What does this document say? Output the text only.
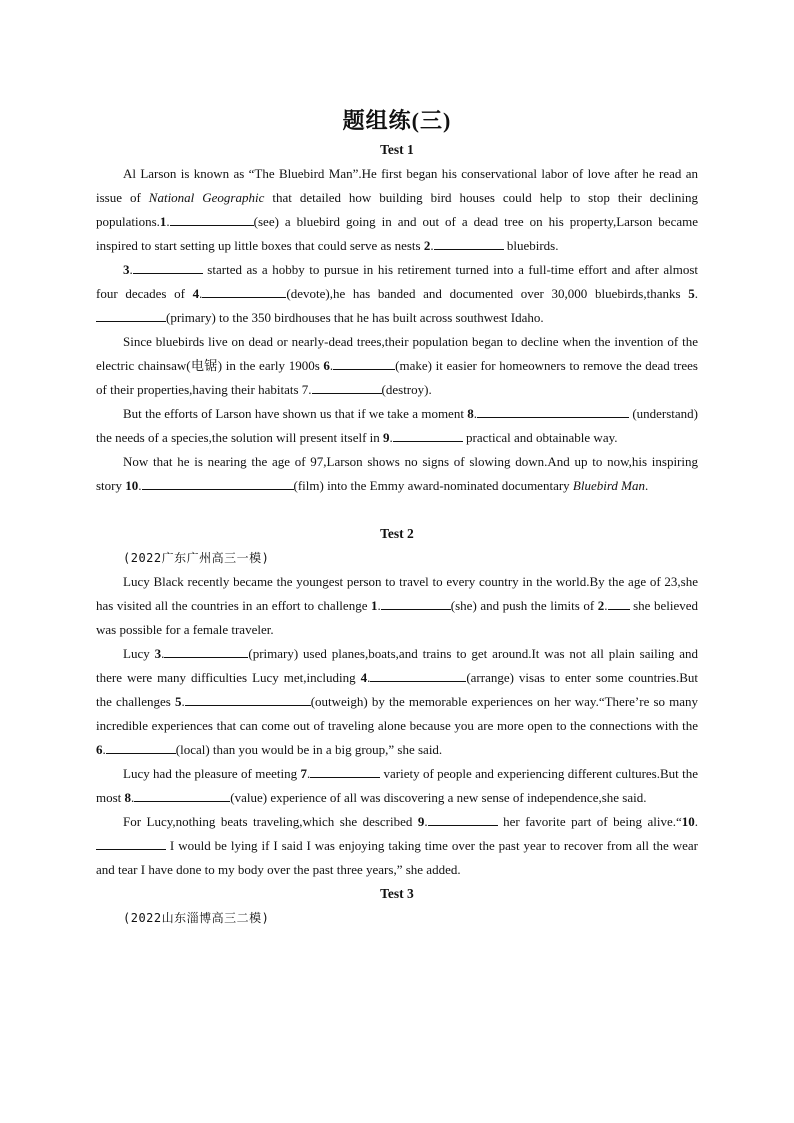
题组练(三)
Test 1

Al Larson is known as “The Bluebird Man”.He first began his conservational labor of love after he read an issue of National Geographic that detailed how building bird houses could help to stop their declining populations.1.	(see) a bluebird going in and out of a dead tree on his property,Larson became inspired to start setting up little boxes that could serve as nests 2.	bluebirds.

3.	started as a hobby to pursue in his retirement turned into a full-time effort and after almost four decades of 4.	(devote),he has banded and documented over 30,000 bluebirds,thanks 5.(primary) to the 350 birdhouses that he has built across southwest Idaho.

Since bluebirds live on dead or nearly-dead trees,their population began to decline when the invention of the electric chainsaw(电锯) in the early 1900s 6.	(make) it easier for homeowners to remove the dead trees of their properties,having their habitats 7.	(destroy).

But the efforts of Larson have shown us that if we take a moment 8.	(understand) the needs of a species,the solution will present itself in 9.	practical and obtainable way.

Now that he is nearing the age of 97,Larson shows no signs of slowing down.And up to now,his inspiring story 10.	(film) into the Emmy award-nominated documentary Bluebird Man.

Test 2

(2022广东广州高三一模)

Lucy Black recently became the youngest person to travel to every country in the world.By the age of 23,she has visited all the countries in an effort to challenge 1.	(she) and push the limits of 2. she believed was possible for a female traveler.

Lucy 3.	(primary) used planes,boats,and trains to get around.It was not all plain sailing and there were many difficulties Lucy met,including 4.	(arrange) visas to enter some countries.But the challenges 5.	(outweigh) by the memorable experiences on her way.“There’re so many incredible experiences that can come out of traveling alone because you are more open to the connections with the 6.	(local) than you would be in a big group,” she said.

Lucy had the pleasure of meeting 7.	variety of people and experiencing different cultures.But the most 8.	(value) experience of all was discovering a new sense of independence,she said.

For Lucy,nothing beats traveling,which she described 9.	her favorite part of being alive.“10. I would be lying if I said I was enjoying taking time over the past year to recover from all the wear and tear I have done to my body over the past three years,” she added.

Test 3

(2022山东淄博高三二模)
